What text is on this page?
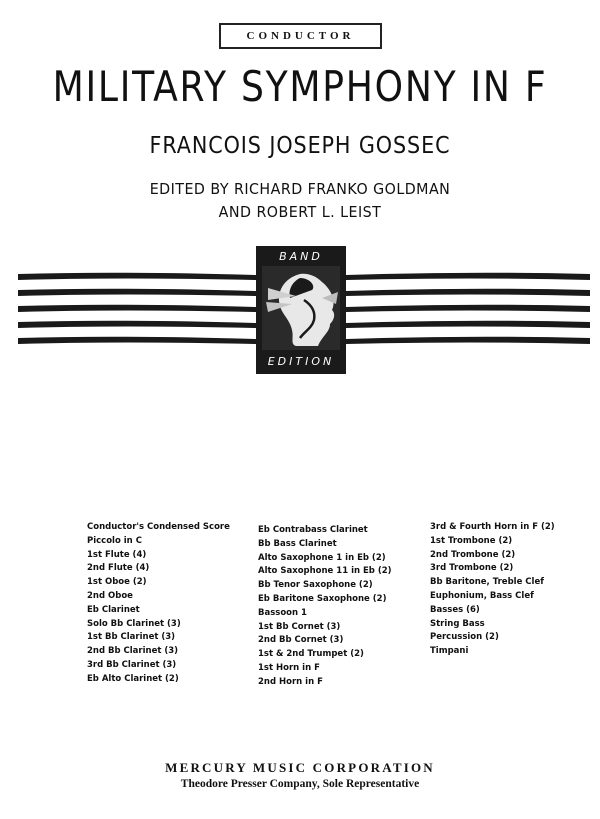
CONDUCTOR
MILITARY SYMPHONY IN F
FRANCOIS JOSEPH GOSSEC
EDITED BY RICHARD FRANKO GOLDMAN
AND ROBERT L. LEIST
BAND
EDITION
Conductor's Condensed Score
Piccolo in C
1st Flute (4)
2nd Flute (4)
1st Oboe (2)
2nd Oboe
Eb Clarinet
Solo Bb Clarinet (3)
1st Bb Clarinet (3)
2nd Bb Clarinet (3)
3rd Bb Clarinet (3)
Eb Alto Clarinet (2)
Eb Contrabass Clarinet
Bb Bass Clarinet
Alto Saxophone 1 in Eb (2)
Alto Saxophone 11 in Eb (2)
Bb Tenor Saxophone (2)
Eb Baritone Saxophone (2)
Bassoon 1
1st Bb Cornet (3)
2nd Bb Cornet (3)
1st & 2nd Trumpet (2)
1st Horn in F
2nd Horn in F
3rd & Fourth Horn in F (2)
1st Trombone (2)
2nd Trombone (2)
3rd Trombone (2)
Bb Baritone, Treble Clef
Euphonium, Bass Clef
Basses (6)
String Bass
Percussion (2)
Timpani
MERCURY MUSIC CORPORATION
Theodore Presser Company, Sole Representative
